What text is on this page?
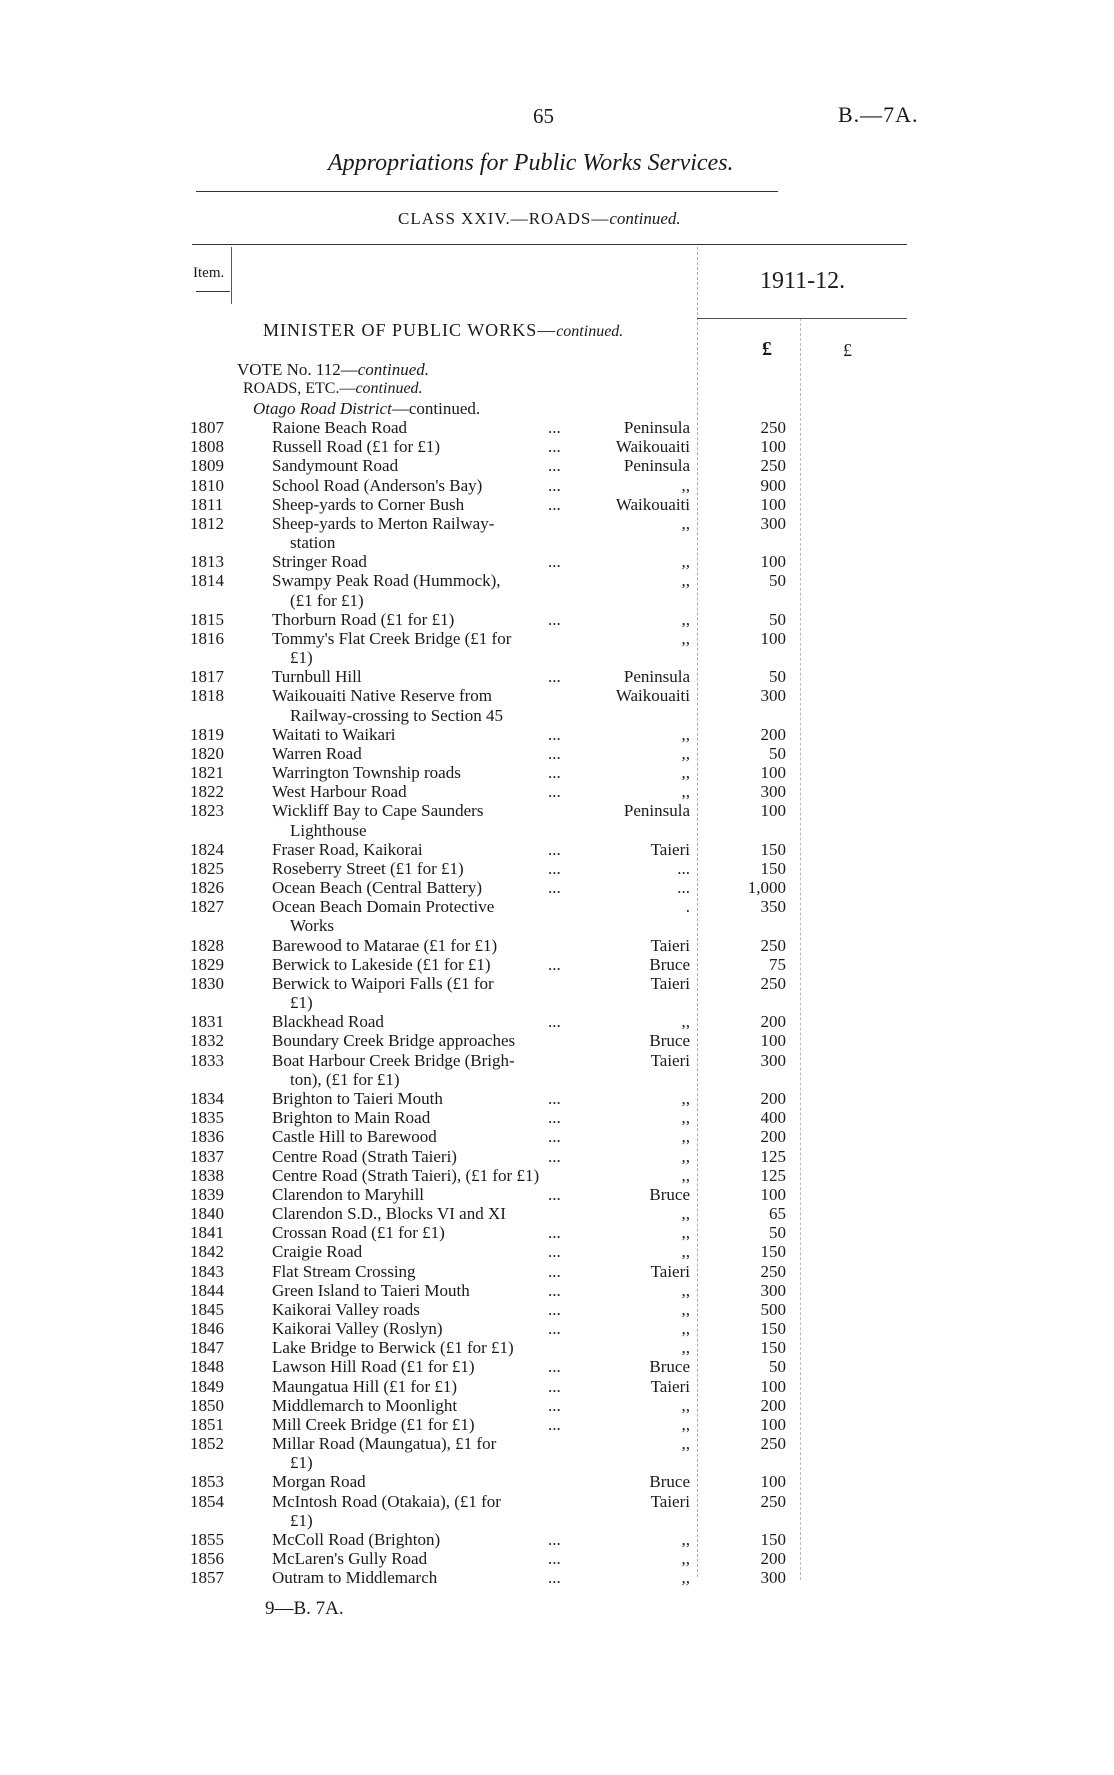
65	B.—7A.
Appropriations for Public Works Services.
CLASS XXIV.—ROADS—continued.
Item.	1911-12.
£	£
MINISTER OF PUBLIC WORKS—continued.
VOTE No. 112—continued.
ROADS, ETC.—continued.
Otago Road District—continued.
1807	Raione Beach Road	...	Peninsula	250
1808	Russell Road (£1 for £1)	...	Waikouaiti	100
1809	Sandymount Road	...	Peninsula	250
1810	School Road (Anderson's Bay)	...	,,	900
1811	Sheep-yards to Corner Bush	...	Waikouaiti	100
1812	Sheep-yards to Merton Railway-	,,	300
station
1813	Stringer Road	...	,,	100
1814	Swampy Peak Road (Hummock),	,,	50
(£1 for £1)
1815	Thorburn Road (£1 for £1)	...	,,	50
1816	Tommy's Flat Creek Bridge (£1 for	,,	100
£1)
1817	Turnbull Hill	...	Peninsula	50
1818	Waikouaiti Native Reserve from	Waikouaiti	300
Railway-crossing to Section 45
1819	Waitati to Waikari	...	,,	200
1820	Warren Road	...	,,	50
1821	Warrington Township roads	...	,,	100
1822	West Harbour Road	...	,,	300
1823	Wickliff Bay to Cape Saunders	Peninsula	100
Lighthouse
1824	Fraser Road, Kaikorai	...	Taieri	150
1825	Roseberry Street (£1 for £1)	...	...	150
1826	Ocean Beach (Central Battery)	...	...	1,000
1827	Ocean Beach Domain Protective	.	350
Works
1828	Barewood to Matarae (£1 for £1)	Taieri	250
1829	Berwick to Lakeside (£1 for £1)	...	Bruce	75
1830	Berwick to Waipori Falls (£1 for	Taieri	250
£1)
1831	Blackhead Road	...	,,	200
1832	Boundary Creek Bridge approaches	Bruce	100
1833	Boat Harbour Creek Bridge (Brigh-	Taieri	300
ton), (£1 for £1)
1834	Brighton to Taieri Mouth	...	,,	200
1835	Brighton to Main Road	...	,,	400
1836	Castle Hill to Barewood	...	,,	200
1837	Centre Road (Strath Taieri)	...	,,	125
1838	Centre Road (Strath Taieri), (£1 for £1)	,,	125
1839	Clarendon to Maryhill	...	Bruce	100
1840	Clarendon S.D., Blocks VI and XI	,,	65
1841	Crossan Road (£1 for £1)	...	,,	50
1842	Craigie Road	...	,,	150
1843	Flat Stream Crossing	...	Taieri	250
1844	Green Island to Taieri Mouth	...	,,	300
1845	Kaikorai Valley roads	...	,,	500
1846	Kaikorai Valley (Roslyn)	...	,,	150
1847	Lake Bridge to Berwick (£1 for £1)	,,	150
1848	Lawson Hill Road (£1 for £1)	...	Bruce	50
1849	Maungatua Hill (£1 for £1)	...	Taieri	100
1850	Middlemarch to Moonlight	...	,,	200
1851	Mill Creek Bridge (£1 for £1)	...	,,	100
1852	Millar Road (Maungatua), £1 for	,,	250
£1)
1853	Morgan Road	Bruce	100
1854	McIntosh Road (Otakaia), (£1 for	Taieri	250
£1)
1855	McColl Road (Brighton)	...	,,	150
1856	McLaren's Gully Road	...	,,	200
1857	Outram to Middlemarch	...	,,	300
9—B. 7A.
